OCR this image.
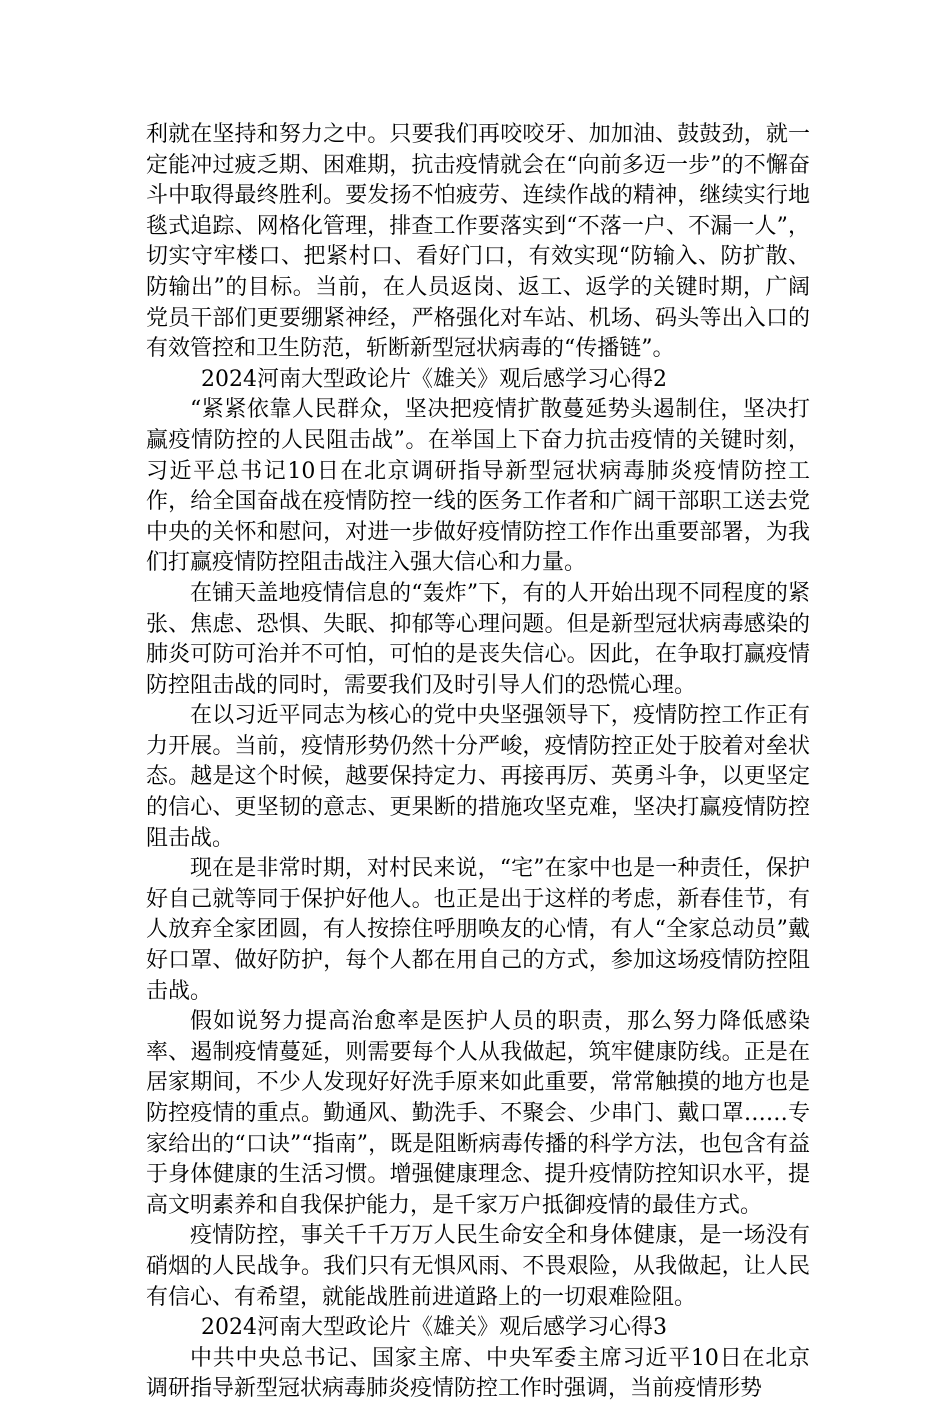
利就在坚持和努力之中。只要我们再咬咬牙、加加油、鼓鼓劲，就一定能冲过疲乏期、困难期，抗击疫情就会在“向前多迈一步”的不懈奋斗中取得最终胜利。要发扬不怕疲劳、连续作战的精神，继续实行地毯式追踪、网格化管理，排查工作要落实到“不落一户、不漏一人”，切实守牢楼口、把紧村口、看好门口，有效实现“防输入、防扩散、防输出”的目标。当前，在人员返岗、返工、返学的关键时期，广阔党员干部们更要绷紧神经，严格强化对车站、机场、码头等出入口的有效管控和卫生防范，斩断新型冠状病毒的“传播链”。

2024河南大型政论片《雄关》观后感学习心得2

“紧紧依靠人民群众，坚决把疫情扩散蔓延势头遏制住，坚决打赢疫情防控的人民阻击战”。在举国上下奋力抗击疫情的关键时刻，习近平总书记10日在北京调研指导新型冠状病毒肺炎疫情防控工作，给全国奋战在疫情防控一线的医务工作者和广阔干部职工送去党中央的关怀和慰问，对进一步做好疫情防控工作作出重要部署，为我们打赢疫情防控阻击战注入强大信心和力量。

在铺天盖地疫情信息的“轰炸”下，有的人开始出现不同程度的紧张、焦虑、恐惧、失眠、抑郁等心理问题。但是新型冠状病毒感染的肺炎可防可治并不可怕，可怕的是丧失信心。因此，在争取打赢疫情防控阻击战的同时，需要我们及时引导人们的恐慌心理。

在以习近平同志为核心的党中央坚强领导下，疫情防控工作正有力开展。当前，疫情形势仍然十分严峻，疫情防控正处于胶着对垒状态。越是这个时候，越要保持定力、再接再厉、英勇斗争，以更坚定的信心、更坚韧的意志、更果断的措施攻坚克难，坚决打赢疫情防控阻击战。

现在是非常时期，对村民来说，“宅”在家中也是一种责任，保护好自己就等同于保护好他人。也正是出于这样的考虑，新春佳节，有人放弃全家团圆，有人按捺住呼朋唤友的心情，有人“全家总动员”戴好口罩、做好防护，每个人都在用自己的方式，参加这场疫情防控阻击战。

假如说努力提高治愈率是医护人员的职责，那么努力降低感染率、遏制疫情蔓延，则需要每个人从我做起，筑牢健康防线。正是在居家期间，不少人发现好好洗手原来如此重要，常常触摸的地方也是防控疫情的重点。勤通风、勤洗手、不聚会、少串门、戴口罩……专家给出的“口诀”“指南”，既是阻断病毒传播的科学方法，也包含有益于身体健康的生活习惯。增强健康理念、提升疫情防控知识水平，提高文明素养和自我保护能力，是千家万户抵御疫情的最佳方式。

疫情防控，事关千千万万人民生命安全和身体健康，是一场没有硝烟的人民战争。我们只有无惧风雨、不畏艰险，从我做起，让人民有信心、有希望，就能战胜前进道路上的一切艰难险阻。

2024河南大型政论片《雄关》观后感学习心得3

中共中央总书记、国家主席、中央军委主席习近平10日在北京调研指导新型冠状病毒肺炎疫情防控工作时强调，当前疫情形势
